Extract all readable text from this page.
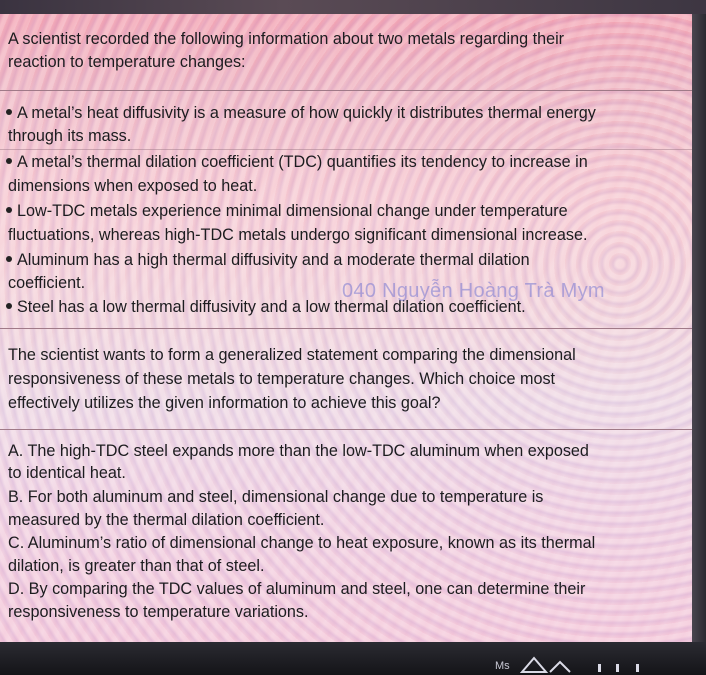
A scientist recorded the following information about two metals regarding their

reaction to temperature changes:

A metal’s heat diffusivity is a measure of how quickly it distributes thermal energy

through its mass.

A metal’s thermal dilation coefficient (TDC) quantifies its tendency to increase in

dimensions when exposed to heat.

Low-TDC metals experience minimal dimensional change under temperature

fluctuations, whereas high-TDC metals undergo significant dimensional increase.

Aluminum has a high thermal diffusivity and a moderate thermal dilation

coefficient.

Steel has a low thermal diffusivity and a low thermal dilation coefficient.

040 Nguyễn Hoàng Trà Mym

The scientist wants to form a generalized statement comparing the dimensional

responsiveness of these metals to temperature changes. Which choice most

effectively utilizes the given information to achieve this goal?

A. The high-TDC steel expands more than the low-TDC aluminum when exposed

to identical heat.

B. For both aluminum and steel, dimensional change due to temperature is

measured by the thermal dilation coefficient.

C. Aluminum’s ratio of dimensional change to heat exposure, known as its thermal

dilation, is greater than that of steel.

D. By comparing the TDC values of aluminum and steel, one can determine their

responsiveness to temperature variations.

Ms
